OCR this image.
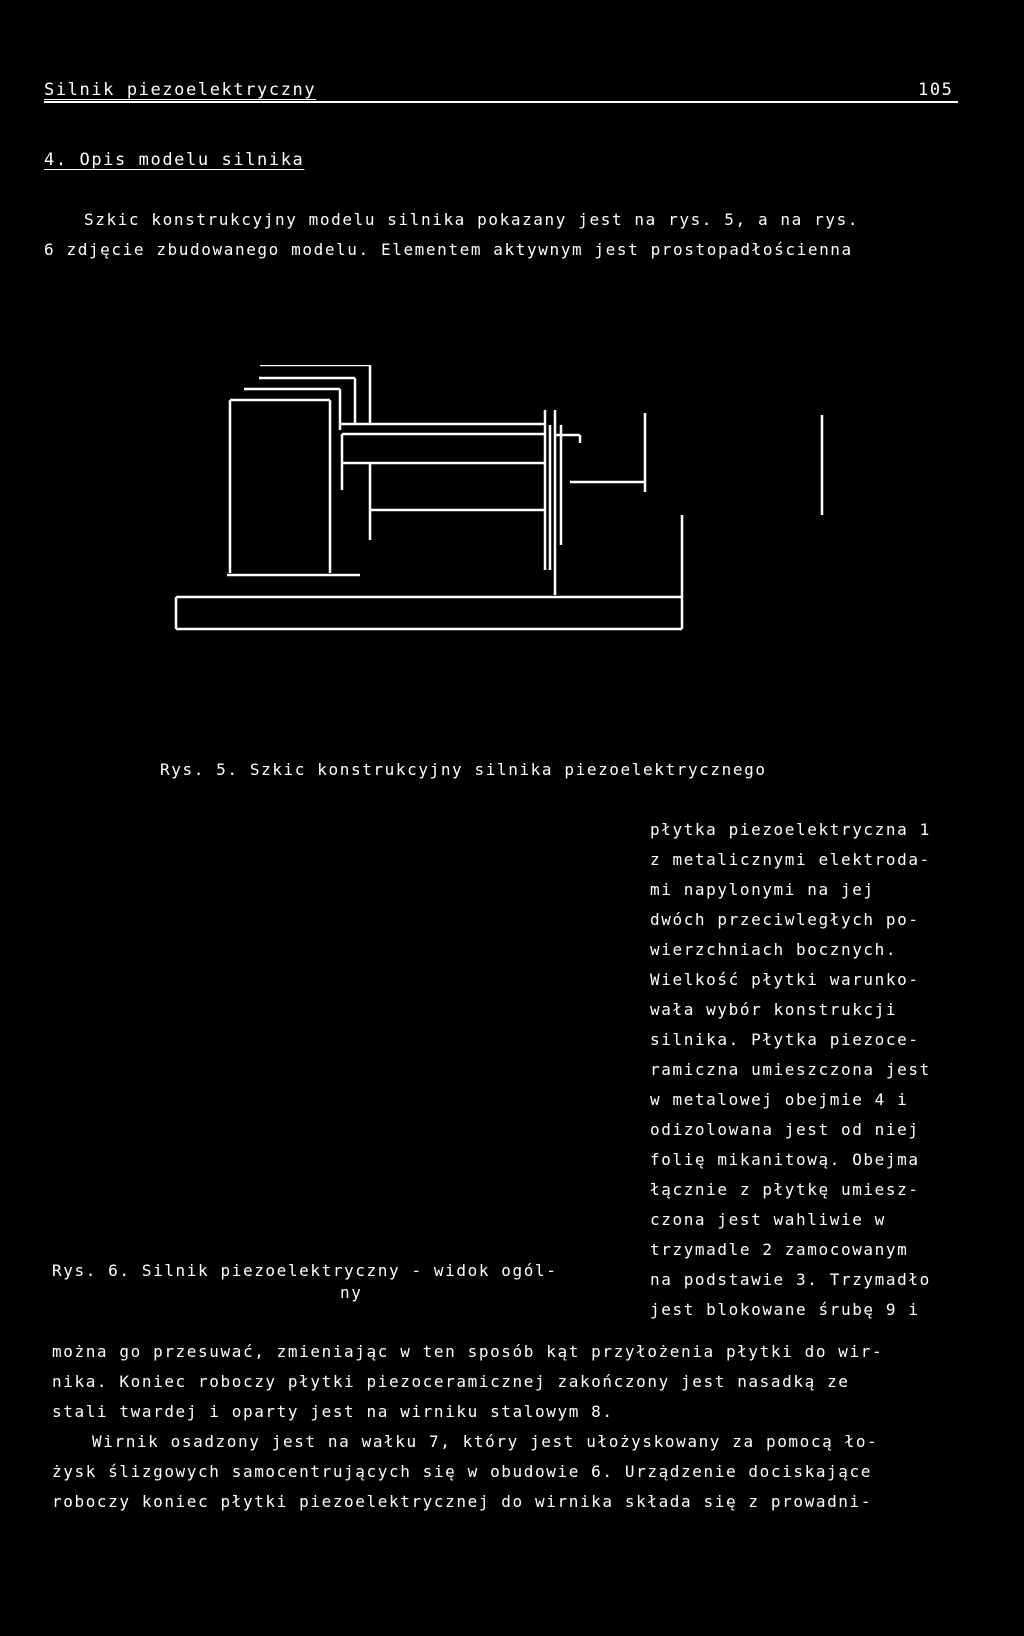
Silnik piezoelektryczny	105
4. Opis modelu silnika
Szkic konstrukcyjny modelu silnika pokazany jest na rys. 5, a na rys.
6 zdjęcie zbudowanego modelu. Elementem aktywnym jest prostopadłościenna
Rys. 5. Szkic konstrukcyjny silnika piezoelektrycznego
płytka piezoelektryczna 1
z metalicznymi elektroda-
mi napylonymi na jej
dwóch przeciwległych po-
wierzchniach bocznych.
Wielkość płytki warunko-
wała wybór konstrukcji
silnika. Płytka piezoce-
ramiczna umieszczona jest
w metalowej obejmie 4 i
odizolowana jest od niej
folię mikanitową. Obejma
łącznie z płytkę umiesz-
czona jest wahliwie w
trzymadle 2 zamocowanym
na podstawie 3. Trzymadło
jest blokowane śrubę 9 i
Rys. 6. Silnik piezoelektryczny - widok ogól-
ny
można go przesuwać, zmieniając w ten sposób kąt przyłożenia płytki do wir-
nika. Koniec roboczy płytki piezoceramicznej zakończony jest nasadką ze
stali twardej i oparty jest na wirniku stalowym 8.
Wirnik osadzony jest na wałku 7, który jest ułożyskowany za pomocą ło-
żysk ślizgowych samocentrujących się w obudowie 6. Urządzenie dociskające
roboczy koniec płytki piezoelektrycznej do wirnika składa się z prowadni-
